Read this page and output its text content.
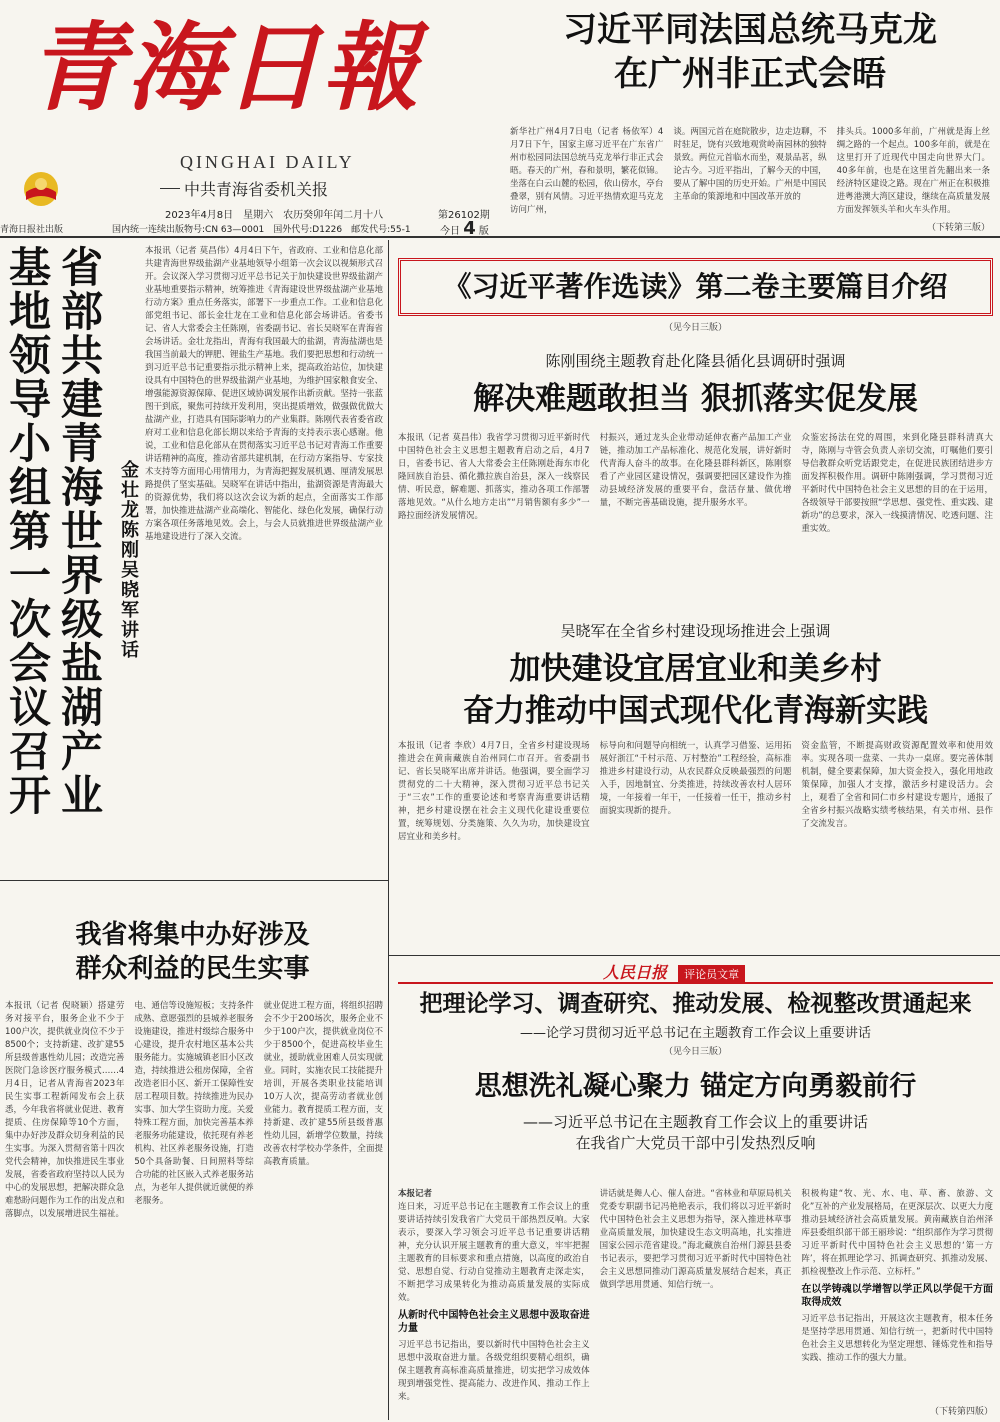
青海日報
QINGHAI DAILY
中共青海省委机关报
青海日报社出版
2023年4月8日　星期六　农历癸卯年闰二月十八	第26102期
国内统一连续出版物号:CN 63—0001　国外代号:D1226　邮发代号:55-1	今日 4 版
习近平同法国总统马克龙
在广州非正式会晤
新华社广州4月7日电（记者 杨依军）4月7日下午，国家主席习近平在广东省广州市松园同法国总统马克龙举行非正式会晤。春天的广州，春和景明，繁花似锦。坐落在白云山麓的松园，依山傍水，亭台叠翠，别有风情。习近平热情欢迎马克龙访问广州，
谈。两国元首在庭院散步，边走边聊，不时驻足，饶有兴致地观赏岭南园林的独特景致。两位元首临水而坐，观景品茗，纵论古今。习近平指出，了解今天的中国，要从了解中国的历史开始。广州是中国民主革命的策源地和中国改革开放的
排头兵。1000多年前，广州就是海上丝绸之路的一个起点。100多年前，就是在这里打开了近现代中国走向世界大门。40多年前，也是在这里首先翻出来一条经济特区建设之路。现在广州正在积极推进粤港澳大湾区建设，继续在高质量发展方面发挥领头羊和火车头作用。
（下转第三版）
省部共建青海世界级盐湖产业基地领导小组第一次会议召开	金壮龙陈刚吴晓军讲话
本报讯（记者 莫昌伟）4月4日下午，省政府、工业和信息化部共建青海世界级盐湖产业基地领导小组第一次会议以视频形式召开。会议深入学习贯彻习近平总书记关于加快建设世界级盐湖产业基地重要指示精神，统筹推进《青海建设世界级盐湖产业基地行动方案》重点任务落实，部署下一步重点工作。工业和信息化部党组书记、部长金壮龙在工业和信息化部会场讲话。省委书记、省人大常委会主任陈刚，省委副书记、省长吴晓军在青海省会场讲话。金壮龙指出，青海有我国最大的盐湖，青海盐湖也是我国当前最大的钾肥、锂盐生产基地。我们要把思想和行动统一到习近平总书记重要指示批示精神上来，提高政治站位，加快建设具有中国特色的世界级盐湖产业基地，为维护国家粮食安全、增强能源资源保障、促进区域协调发展作出新贡献。坚持一张蓝图干到底，聚焦可持续开发利用，突出提质增效，做强做优做大盐湖产业，打造具有国际影响力的产业集群。陈刚代表省委省政府对工业和信息化部长期以来给予青海的支持表示衷心感谢。他说，工业和信息化部从在贯彻落实习近平总书记对青海工作重要讲话精神的高度，推动省部共建机制，在行动方案指导、专家技术支持等方面用心用情用力，为青海把握发展机遇、厘清发展思路提供了坚实基础。吴晓军在讲话中指出，盐湖资源是青海最大的资源优势，我们将以这次会议为新的起点，全面落实工作部署，加快推进盐湖产业高端化、智能化、绿色化发展，确保行动方案各项任务落地见效。会上，与会人员就推进世界级盐湖产业基地建设进行了深入交流。
《习近平著作选读》第二卷主要篇目介绍
（见今日三版）
陈刚围绕主题教育赴化隆县循化县调研时强调
解决难题敢担当 狠抓落实促发展
本报讯（记者 莫昌伟）我省学习贯彻习近平新时代中国特色社会主义思想主题教育启动之后，4月7日，省委书记、省人大常委会主任陈刚赴海东市化隆回族自治县、循化撒拉族自治县，深入一线察民情、听民意，解难题、抓落实，推动各项工作部署落地见效。“从什么地方走出”“月销售额有多少”一路拉面经济发展情况。
村振兴，通过龙头企业带动延伸农畜产品加工产业链，推动加工产品标准化、规范化发展，讲好新时代青海人奋斗的故事。在化隆县群科新区，陈刚察看了产业园区建设情况，强调要把园区建设作为推动县域经济发展的重要平台，盘活存量、做优增量，不断完善基础设施，提升服务水平。
众鉴宏扬法在党的周围，来到化隆县群科清真大寺，陈刚与寺管会负责人亲切交流，叮嘱他们要引导信教群众听党话跟党走，在促进民族团结进步方面发挥积极作用。调研中陈刚强调，学习贯彻习近平新时代中国特色社会主义思想的目的在于运用，各级领导干部要按照“学思想、强党性、重实践、建新功”的总要求，深入一线摸清情况、吃透问题、注重实效。
吴晓军在全省乡村建设现场推进会上强调
加快建设宜居宜业和美乡村
奋力推动中国式现代化青海新实践
本报讯（记者 李欣）4月7日，全省乡村建设现场推进会在黄南藏族自治州同仁市召开。省委副书记、省长吴晓军出席并讲话。他强调，要全面学习贯彻党的二十大精神，深入贯彻习近平总书记关于“三农”工作的重要论述和考察青海重要讲话精神，把乡村建设摆在社会主义现代化建设重要位置，统筹规划、分类施策、久久为功，加快建设宜居宜业和美乡村。
标导向和问题导向相统一，认真学习借鉴、运用拓展好浙江“千村示范、万村整治”工程经验，高标准推进乡村建设行动，从农民群众反映最强烈的问题入手，因地制宜、分类推进，持续改善农村人居环境，一年接着一年干，一任接着一任干，推动乡村面貌实现新的提升。
资金监管，不断提高财政资源配置效率和使用效率。实现各项一盘菜、一共办一桌席。要完善体制机制，健全要素保障，加大资金投入，强化用地政策保障，加强人才支撑，激活乡村建设活力。会上，观看了全省和同仁市乡村建设专题片，通报了全省乡村振兴战略实绩考核结果，有关市州、县作了交流发言。
我省将集中办好涉及
群众利益的民生实事
本报讯（记者 倪晓颖）搭建劳务对接平台，服务企业不少于100户次，提供就业岗位不少于8500个；支持新建、改扩建55所县级普惠性幼儿园；改造完善医院门急诊医疗服务模式……4月4日，记者从青海省2023年民生实事工程新闻发布会上获悉，今年我省将就业促进、教育提质、住房保障等10个方面，集中办好涉及群众切身利益的民生实事。为深入贯彻省第十四次党代会精神，加快推进民生事业发展，省委省政府坚持以人民为中心的发展思想，把解决群众急难愁盼问题作为工作的出发点和落脚点，以发展增进民生福祉。
电、通信等设施短板；支持条件成熟、意愿强烈的县城养老服务设施建设，推进村级综合服务中心建设，提升农村地区基本公共服务能力。实施城镇老旧小区改造，持续推进公租房保障，全省改造老旧小区、新开工保障性安居工程项目数。持续推进为民办实事、加大学生资助力度。关爱特殊工程方面，加快完善基本养老服务功能建设，依托现有养老机构、社区养老服务设施，打造50个具备助餐、日间照料等综合功能的社区嵌入式养老服务站点，为老年人提供就近就便的养老服务。
就业促进工程方面，将组织招聘会不少于200场次，服务企业不少于100户次，提供就业岗位不少于8500个，促进高校毕业生就业，援助就业困难人员实现就业。同时，实施农民工技能提升培训，开展各类职业技能培训10万人次，提高劳动者就业创业能力。教育提质工程方面，支持新建、改扩建55所县级普惠性幼儿园，新增学位数量，持续改善农村学校办学条件，全面提高教育质量。
人民日报 评论员文章
把理论学习、调查研究、推动发展、检视整改贯通起来
——论学习贯彻习近平总书记在主题教育工作会议上重要讲话
（见今日三版）
思想洗礼凝心聚力 锚定方向勇毅前行
——习近平总书记在主题教育工作会议上的重要讲话
在我省广大党员干部中引发热烈反响
本报记者
连日来，习近平总书记在主题教育工作会议上的重要讲话持续引发我省广大党员干部热烈反响。大家表示，要深入学习领会习近平总书记重要讲话精神，充分认识开展主题教育的重大意义，牢牢把握主题教育的目标要求和重点措施，以高度的政治自觉、思想自觉、行动自觉推动主题教育走深走实，不断把学习成果转化为推动高质量发展的实际成效。
从新时代中国特色社会主义思想中汲取奋进力量
习近平总书记指出，要以新时代中国特色社会主义思想中汲取奋进力量。各级党组织要精心组织，确保主题教育高标准高质量推进，切实把学习成效体现到增强党性、提高能力、改进作风、推动工作上来。
讲话就是舞人心、催人奋进。“省林业和草原局机关党委专职副书记冯艳艳表示，我们将以习近平新时代中国特色社会主义思想为指导，深入推进林草事业高质量发展，加快建设生态文明高地，扎实推进国家公园示范省建设。”海北藏族自治州门源县县委书记表示，要把学习贯彻习近平新时代中国特色社会主义思想同推动门源高质量发展结合起来，真正做到学思用贯通、知信行统一。
积极构建“牧、光、水、电、草、畜、旅游、文化”互补的产业发展格局，在更深层次、以更大力度推动县域经济社会高质量发展。黄南藏族自治州泽库县委组织部干部王丽珍说：“组织部作为学习贯彻习近平新时代中国特色社会主义思想的‘第一方阵’，将在抓理论学习、抓调查研究、抓推动发展、抓检视整改上作示范、立标杆。”
在以学铸魂以学增智以学正风以学促干方面取得成效
习近平总书记指出，开展这次主题教育，根本任务是坚持学思用贯通、知信行统一，把新时代中国特色社会主义思想转化为坚定理想、锤炼党性和指导实践、推动工作的强大力量。
（下转第四版）
